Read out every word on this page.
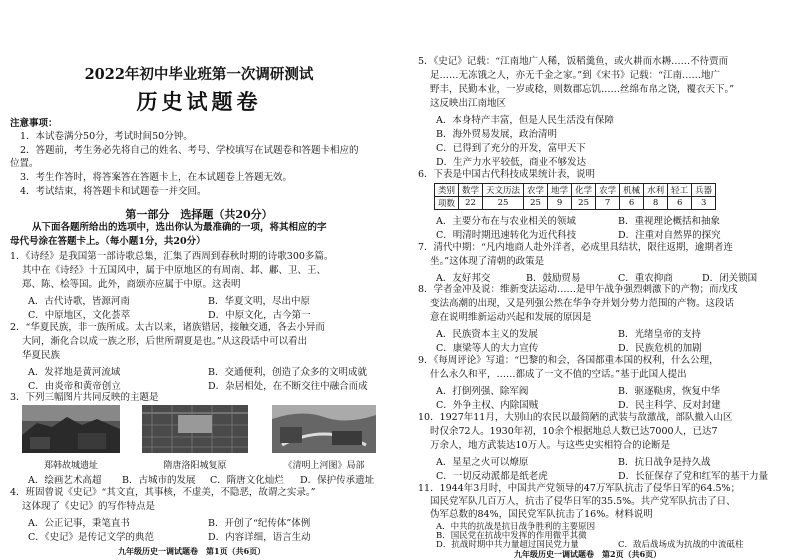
2022年初中毕业班第一次调研测试
历史试题卷
注意事项：
1．本试卷满分50分，考试时间50分钟。
2．答题前，考生务必先将自己的姓名、考号、学校填写在试题卷和答题卡相应的
位置。
3．考生作答时，将答案答在答题卡上，在本试题卷上答题无效。
4．考试结束，将答题卡和试题卷一并交回。
第一部分　选择题（共20分）
从下面各题所给出的选项中，选出你认为最准确的一项，将其相应的字
母代号涂在答题卡上。（每小题1分，共20分）
1．《诗经》是我国第一部诗歌总集，汇集了西周到春秋时期的诗歌300多篇。
其中在《诗经》十五国风中，属于中原地区的有周南、邶、鄘、卫、王、
郑、陈、桧等国。此外，商颂亦应属于中原。这表明
A．古代诗歌，皆源河南	B．华夏文明，尽出中原
C．中原地区，文化荟萃	D．中原文化，古今第一
2．“华夏民族，非一族所成。太古以来，诸族错居，接触交通，各去小异而
大同，渐化合以成一族之形，后世所谓夏是也。”从这段话中可以看出
华夏民族
A．发祥地是黄河流域	B．交通便利，创造了众多的文明成就
C．由炎帝和黄帝创立	D．杂居相处，在不断交往中融合而成
3．下列三幅图片共同反映的主题是
郑韩故城遗址	隋唐洛阳城复原	《清明上河图》局部
A．绘画艺术高超 B．古城市的发展 C．隋唐文化灿烂 D．保护传承遗址
4．班固曾说《史记》“其文直，其事核，不虚美，不隐恶，故谓之实录。”
这体现了《史记》的写作特点是
A．公正记事，秉笔直书	B．开创了“纪传体”体例
C．《史记》是传记文学的典范	D．内容详细，语言生动
九年级历史一调试题卷　第1页（共6页）
5．《史记》记载：“江南地广人稀，饭稻羹鱼，或火耕而水耨……不待贾而
足……无冻饿之人，亦无千金之家。”到《宋书》记载：“江南……地广
野丰，民勤本业，一岁或稔，则数郡忘饥……丝绵布帛之饶，覆衣天下。”
这反映出江南地区
A．本身特产丰富，但是人民生活没有保障
B．海外贸易发展，政治清明
C．已得到了充分的开发，富甲天下
D．生产力水平较低，商业不够发达
6．下表是中国古代科技成果统计表，说明
类别	数学	天文历法	农学	地学	化学	农学	机械	水利	轻工	兵器
项数	22	25	25	9	25	7	6	8	6	3
A．主要分布在与农业相关的领域	B．重视理论概括和抽象
C．明清时期迅速转化为近代科技	D．注重对自然界的探究
7．清代中期：“凡内地商人赴外洋者，必成里具结状，限往返期，逾期者连
坐。”这体现了清朝的政策是
A．友好邦交	B．鼓励贸易	C．重农抑商	D．闭关锁国
8．学者金冲及说：维新变法运动……是甲午战争强烈刺激下的产物；而戊戌
变法高潮的出现，又是列强公然在华争夺并划分势力范围的产物。这段话
意在说明维新运动兴起和发展的原因是
A．民族资本主义的发展	B．光绪皇帝的支持
C．康梁等人的大力宣传	D．民族危机的加剧
9．《每周评论》写道：“巴黎的和会，各国都重本国的权利，什么公理，
什么永久和平，……都成了一文不值的空话。”基于此国人提出
A．打倒列强、除军阀	B．驱逐鞑虏，恢复中华
C．外争主权、内除国贼	D．民主科学、反对封建
10．1927年11月，大别山的农民以最简陋的武装与敌激战，部队撤入山区
时仅余72人。1930年初，10余个根据地总人数已达7000人，已达7
万余人，地方武装达10万人。与这些史实相符合的论断是
A．星星之火可以燎原	B．抗日战争是持久战
C．一切反动派都是纸老虎	D．长征保存了党和红军的基干力量
11．1944年3月时，中国共产党领导的47万军队抗击了侵华日军的64.5%；
国民党军队几百万人，抗击了侵华日军的35.5%。共产党军队抗击了日、
伪军总数的84%，国民党军队抗击了16%。材料说明
A．中共的抗战是抗日战争胜利的主要原因
B．国民党在抗战中发挥的作用微乎其微
C．敌后战场成为抗战的中流砥柱
D．抗战时期中共力量超过国民党力量
九年级历史一调试题卷　第2页（共6页）
